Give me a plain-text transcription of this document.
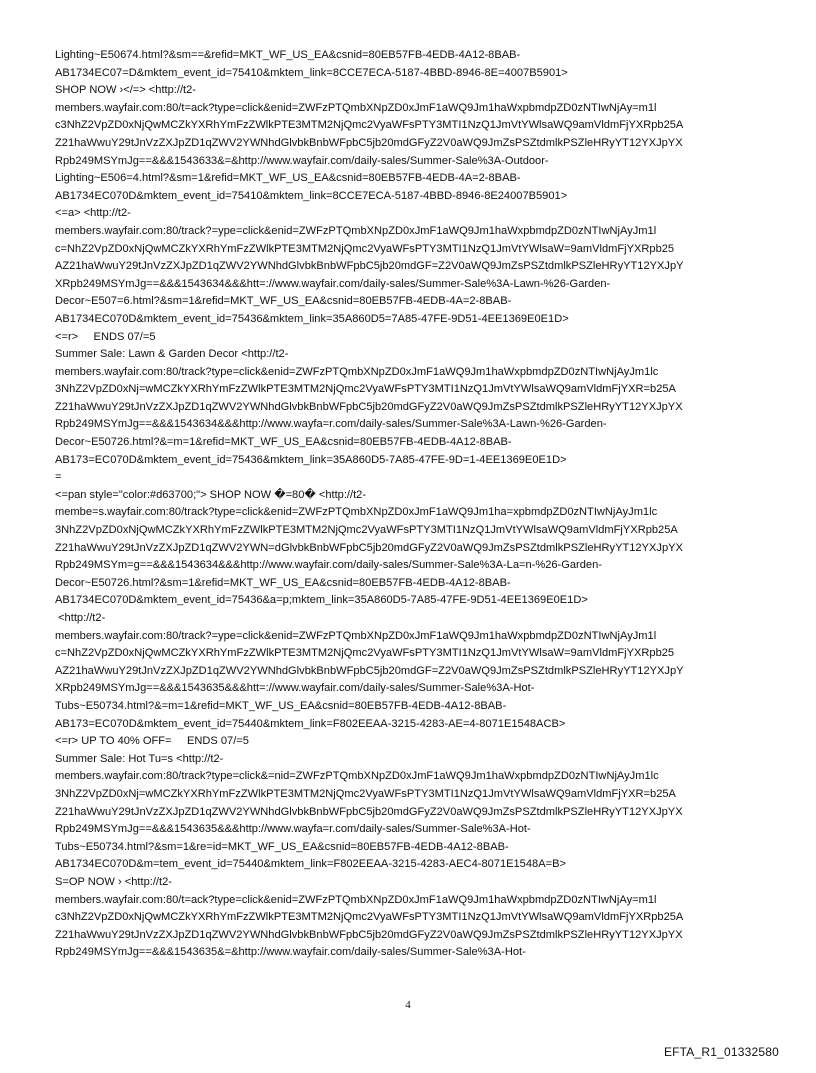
Lighting~E50674.html?&sm==&refid=MKT_WF_US_EA&csnid=80EB57FB-4EDB-4A12-8BAB-
AB1734EC07=D&mktem_event_id=75410&mktem_link=8CCE7ECA-5187-4BBD-8946-8E=4007B5901>
SHOP NOW ›</=> <http://t2-
members.wayfair.com:80/t=ack?type=click&enid=ZWFzPTQmbXNpZD0xJmF1aWQ9Jm1haWxpbmdpZD0zNTIwNjAy=m1l
c3NhZ2VpZD0xNjQwMCZkYXRhYmFzZWlkPTE3MTM2NjQmc2VyaWFsPTY3MTI1NzQ1JmVtYWlsaWQ9amVldmFjYXRpb25A
Z21haWwuY29tJnVzZXJpZD1qZWV2YWNhdGlvbkBnbWFpbC5jb20mdGFyZ2V0aWQ9JmZsPSZtdmlkPSZleHRyYT12YXJpYX
Rpb249MSYmJg==&&&1543633&=&http://www.wayfair.com/daily-sales/Summer-Sale%3A-Outdoor-
Lighting~E506=4.html?&sm=1&refid=MKT_WF_US_EA&csnid=80EB57FB-4EDB-4A=2-8BAB-
AB1734EC070D&mktem_event_id=75410&mktem_link=8CCE7ECA-5187-4BBD-8946-8E24007B5901>
<=a> <http://t2-
members.wayfair.com:80/track?=ype=click&enid=ZWFzPTQmbXNpZD0xJmF1aWQ9Jm1haWxpbmdpZD0zNTIwNjAyJm1l
c=NhZ2VpZD0xNjQwMCZkYXRhYmFzZWlkPTE3MTM2NjQmc2VyaWFsPTY3MTI1NzQ1JmVtYWlsaW=9amVldmFjYXRpb25
AZ21haWwuY29tJnVzZXJpZD1qZWV2YWNhdGlvbkBnbWFpbC5jb20mdGF=Z2V0aWQ9JmZsPSZtdmlkPSZleHRyYT12YXJpY
XRpb249MSYmJg==&&&1543634&&&htt=://www.wayfair.com/daily-sales/Summer-Sale%3A-Lawn-%26-Garden-
Decor~E507=6.html?&sm=1&refid=MKT_WF_US_EA&csnid=80EB57FB-4EDB-4A=2-8BAB-
AB1734EC070D&mktem_event_id=75436&mktem_link=35A860D5=7A85-47FE-9D51-4EE1369E0E1D>
<=r>     ENDS 07/=5
Summer Sale: Lawn & Garden Decor <http://t2-
members.wayfair.com:80/track?type=click&enid=ZWFzPTQmbXNpZD0xJmF1aWQ9Jm1haWxpbmdpZD0zNTIwNjAyJm1lc
3NhZ2VpZD0xNj=wMCZkYXRhYmFzZWlkPTE3MTM2NjQmc2VyaWFsPTY3MTI1NzQ1JmVtYWlsaWQ9amVldmFjYXR=b25A
Z21haWwuY29tJnVzZXJpZD1qZWV2YWNhdGlvbkBnbWFpbC5jb20mdGFyZ2V0aWQ9JmZsPSZtdmlkPSZleHRyYT12YXJpYX
Rpb249MSYmJg==&&&1543634&&&http://www.wayfa=r.com/daily-sales/Summer-Sale%3A-Lawn-%26-Garden-
Decor~E50726.html?&=m=1&refid=MKT_WF_US_EA&csnid=80EB57FB-4EDB-4A12-8BAB-
AB173=EC070D&mktem_event_id=75436&mktem_link=35A860D5-7A85-47FE-9D=1-4EE1369E0E1D>
=
<=pan style="color:#d63700;"> SHOP NOW �=80� <http://t2-
membe=s.wayfair.com:80/track?type=click&enid=ZWFzPTQmbXNpZD0xJmF1aWQ9Jm1ha=xpbmdpZD0zNTIwNjAyJm1lc
3NhZ2VpZD0xNjQwMCZkYXRhYmFzZWlkPTE3MTM2NjQmc2VyaWFsPTY3MTI1NzQ1JmVtYWlsaWQ9amVldmFjYXRpb25A
Z21haWwuY29tJnVzZXJpZD1qZWV2YWN=dGlvbkBnbWFpbC5jb20mdGFyZ2V0aWQ9JmZsPSZtdmlkPSZleHRyYT12YXJpYX
Rpb249MSYm=g==&&&1543634&&&http://www.wayfair.com/daily-sales/Summer-Sale%3A-La=n-%26-Garden-
Decor~E50726.html?&sm=1&refid=MKT_WF_US_EA&csnid=80EB57FB-4EDB-4A12-8BAB-
AB1734EC070D&mktem_event_id=75436&a=p;mktem_link=35A860D5-7A85-47FE-9D51-4EE1369E0E1D>
<http://t2-
members.wayfair.com:80/track?=ype=click&enid=ZWFzPTQmbXNpZD0xJmF1aWQ9Jm1haWxpbmdpZD0zNTIwNjAyJm1l
c=NhZ2VpZD0xNjQwMCZkYXRhYmFzZWlkPTE3MTM2NjQmc2VyaWFsPTY3MTI1NzQ1JmVtYWlsaW=9amVldmFjYXRpb25
AZ21haWwuY29tJnVzZXJpZD1qZWV2YWNhdGlvbkBnbWFpbC5jb20mdGF=Z2V0aWQ9JmZsPSZtdmlkPSZleHRyYT12YXJpY
XRpb249MSYmJg==&&&1543635&&&htt=://www.wayfair.com/daily-sales/Summer-Sale%3A-Hot-
Tubs~E50734.html?&=m=1&refid=MKT_WF_US_EA&csnid=80EB57FB-4EDB-4A12-8BAB-
AB173=EC070D&mktem_event_id=75440&mktem_link=F802EEAA-3215-4283-AE=4-8071E1548ACB>
<=r> UP TO 40% OFF=     ENDS 07/=5
Summer Sale: Hot Tu=s <http://t2-
members.wayfair.com:80/track?type=click&=nid=ZWFzPTQmbXNpZD0xJmF1aWQ9Jm1haWxpbmdpZD0zNTIwNjAyJm1lc
3NhZ2VpZD0xNj=wMCZkYXRhYmFzZWlkPTE3MTM2NjQmc2VyaWFsPTY3MTI1NzQ1JmVtYWlsaWQ9amVldmFjYXR=b25A
Z21haWwuY29tJnVzZXJpZD1qZWV2YWNhdGlvbkBnbWFpbC5jb20mdGFyZ2V0aWQ9JmZsPSZtdmlkPSZleHRyYT12YXJpYX
Rpb249MSYmJg==&&&1543635&&&http://www.wayfa=r.com/daily-sales/Summer-Sale%3A-Hot-
Tubs~E50734.html?&sm=1&re=id=MKT_WF_US_EA&csnid=80EB57FB-4EDB-4A12-8BAB-
AB1734EC070D&m=tem_event_id=75440&mktem_link=F802EEAA-3215-4283-AEC4-8071E1548A=B>
S=OP NOW › <http://t2-
members.wayfair.com:80/t=ack?type=click&enid=ZWFzPTQmbXNpZD0xJmF1aWQ9Jm1haWxpbmdpZD0zNTIwNjAy=m1l
c3NhZ2VpZD0xNjQwMCZkYXRhYmFzZWlkPTE3MTM2NjQmc2VyaWFsPTY3MTI1NzQ1JmVtYWlsaWQ9amVldmFjYXRpb25A
Z21haWwuY29tJnVzZXJpZD1qZWV2YWNhdGlvbkBnbWFpbC5jb20mdGFyZ2V0aWQ9JmZsPSZtdmlkPSZleHRyYT12YXJpYX
Rpb249MSYmJg==&&&1543635&=&http://www.wayfair.com/daily-sales/Summer-Sale%3A-Hot-
4
EFTA_R1_01332580
